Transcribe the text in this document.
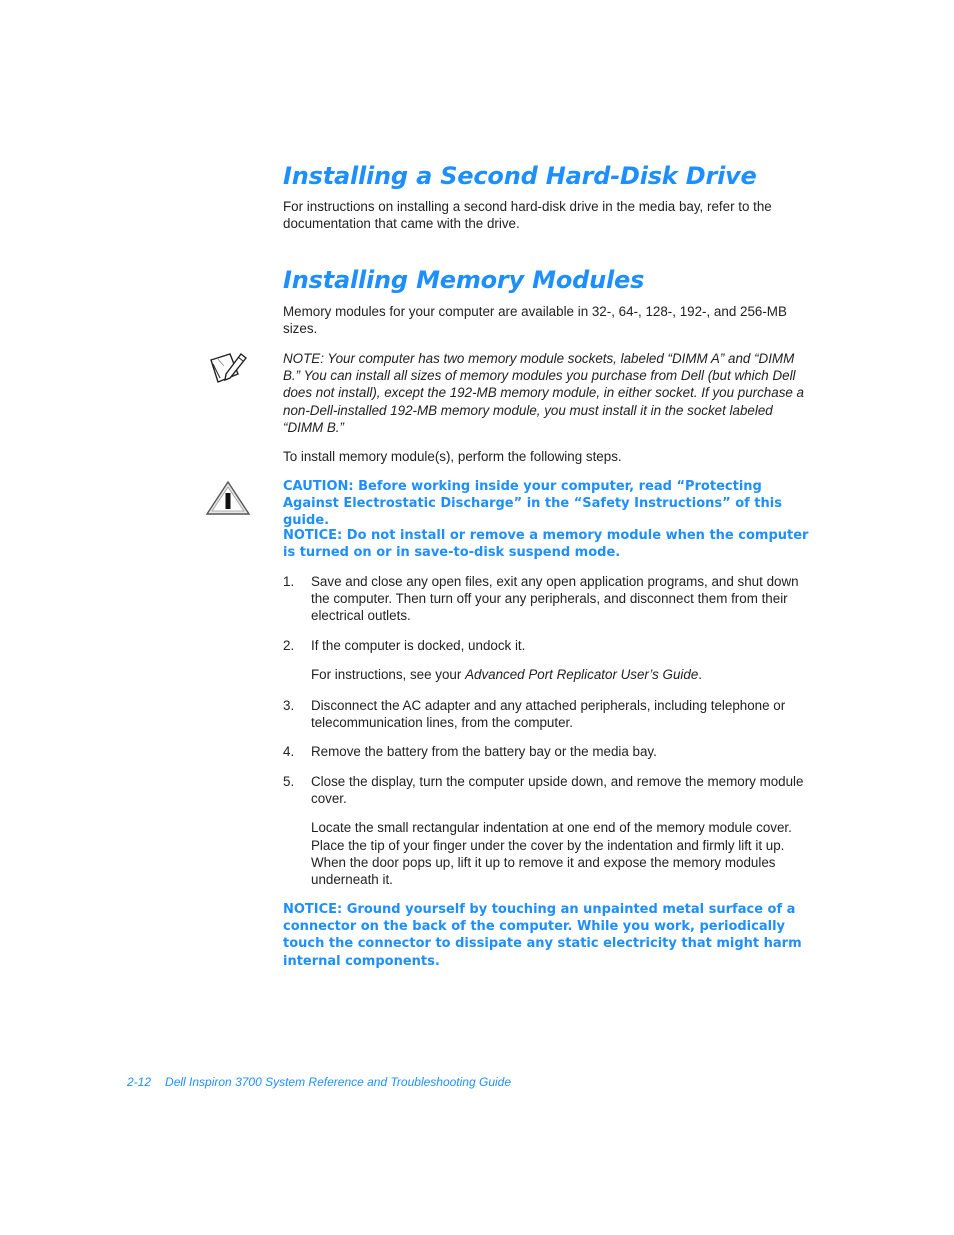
Installing a Second Hard-Disk Drive

For instructions on installing a second hard-disk drive in the media bay, refer to the documentation that came with the drive.

Installing Memory Modules

Memory modules for your computer are available in 32-, 64-, 128-, 192-, and 256-MB sizes.

NOTE: Your computer has two memory module sockets, labeled “DIMM A” and “DIMM B.” You can install all sizes of memory modules you purchase from Dell (but which Dell does not install), except the 192-MB memory module, in either socket. If you purchase a non-Dell-installed 192-MB memory module, you must install it in the socket labeled “DIMM B.”

To install memory module(s), perform the following steps.

CAUTION: Before working inside your computer, read “Protecting Against Electrostatic Discharge” in the “Safety Instructions” of this guide.

NOTICE: Do not install or remove a memory module when the computer is turned on or in save-to-disk suspend mode.

1. Save and close any open files, exit any open application programs, and shut down the computer. Then turn off your any peripherals, and disconnect them from their electrical outlets.
2. If the computer is docked, undock it.
For instructions, see your Advanced Port Replicator User’s Guide.
3. Disconnect the AC adapter and any attached peripherals, including telephone or telecommunication lines, from the computer.
4. Remove the battery from the battery bay or the media bay.
5. Close the display, turn the computer upside down, and remove the memory module cover.
Locate the small rectangular indentation at one end of the memory module cover. Place the tip of your finger under the cover by the indentation and firmly lift it up. When the door pops up, lift it up to remove it and expose the memory modules underneath it.

NOTICE: Ground yourself by touching an unpainted metal surface of a connector on the back of the computer. While you work, periodically touch the connector to dissipate any static electricity that might harm internal components.

2-12 Dell Inspiron 3700 System Reference and Troubleshooting Guide
